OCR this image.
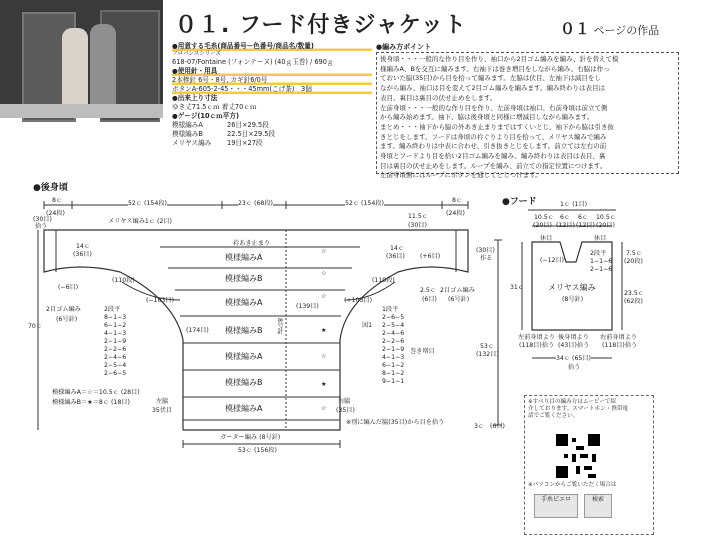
０１. フード付きジャケット	０１ ページの作品
●用意する毛糸(商品番号ー色番号/商品名/数量)
フロバンスシリーズ
618-07/Fontaine (フォンテーヌ) (40ｇ玉巻) / 690ｇ
●使用針・用具
2本棒針 6号・8号, カギ針6/0号
ボタンA-605-2-45・・・45mm(こげ茶)　3個
●出来上り寸法
ゆき丈71.5ｃｍ 着丈70ｃｍ
●ゲージ(10ｃｍ平方)
模様編みA	26目×29.5段
模様編みB	22.5目×29.5段
メリヤス編み	19目×27段
●編み方ポイント
後身頃・・・一般的な作り目を作り、袖口から2目ゴム編みを編み、針を替えて模
様編みA、Bを交互に編みます。右袖下は巻き増目をしながら編み、右脇は作っ
ておいた脇(35目)から目を拾って編みます。左脇は伏目、左袖下は減目をし
ながら編み、袖口は目を変えて2目ゴム編みを編みます。編み終わりは表目は
表目、裏目は裏目の伏せ止めをします。
左前身頃・・・一般的な作り目を作り、左前身頃は袖口、右前身頃は前立て側
から編み始めます。袖下、脇は後身頃と同様に増減目しながら編みます。
まとめ・・・袖下から脇の外あき止まりまではすくいとじ、袖下から脇は引き抜
きとじをします。フードは身頃の衿ぐりより目を拾って、メリヤス編みで編み
ます。編み終わりは中表に合わせ、引き抜きとじをします。前立ては左右の前
身頃とフードより目を拾い2目ゴム編みを編み、編み終わりは表目は表目、裏
目は裏目の伏せ止めをします。ループを編み、前立ての指定位置につけます。
左前身頃側にはループにボタンを通してとじつけます。
●後身頃
8ｃ
(24段)
52ｃ (154段)	23ｃ (68段)	52ｃ (154段)	8ｃ
(24段)
(30目)
拾う
メリヤス編み1ｃ (2目)
11.5ｃ
(30目)
衿あき止まり
14ｃ
(36目)
14ｃ
(36目) (+6目)
(30目)
作る
模様編みA
模様編みB
模様編みA
模様編みB
模様編みA
模様編みB
模様編みA
(110段)	(110段)
(−103目)	(+103目)
(−6目)
2目ゴム編み
(6号針)
70ｃ
2.5ｃ
(6目)
2目ゴム編み
(6号針)
(174目)
(139目)
8号針	図1
2段平
8−1−3
6−1−2
4−1−3
2−1−9
2−2−6
2−4−6
2−5−4
2−6−5
1段平
2−6−5
2−5−4
2−4−6
2−2−6
2−1−9
4−1−3
6−1−2
8−1−2
9−1−1
巻き増目
模様編みA＝☆＝10.5ｃ (28目)
模様編みB＝★＝8ｃ (18目)	左脇
35伏目
右脇
(35目)
ガーター編み (8号針)
53ｃ (156段)
※別に編んだ脇(35目)から目を拾う
53ｃ
(132目)
3ｃ (6目)
☆
☆
☆
★
☆
★
☆
●フード	1ｃ (1目)
10.5ｃ 6ｃ 6ｃ 10.5ｃ
(20目) (12目) (12目) (20目)
休目	休目
(−12目)
2段平
1−1−6
2−1−6
メリヤス編み
(8号針)
31ｃ
7.5ｃ
(20段)
23.5ｃ
(62段)
左前身頃より
(118目)拾う
後身頃より
(43目)拾う
右前身頃より
(118目)拾う
34ｃ (65目)
拾う
※すべり目の編み方はムービーで紹
介しております。スマートホン・携帯電
話でご覧ください。
※パソコンからご覧いただく場合は
手糸ピエロ	検索
